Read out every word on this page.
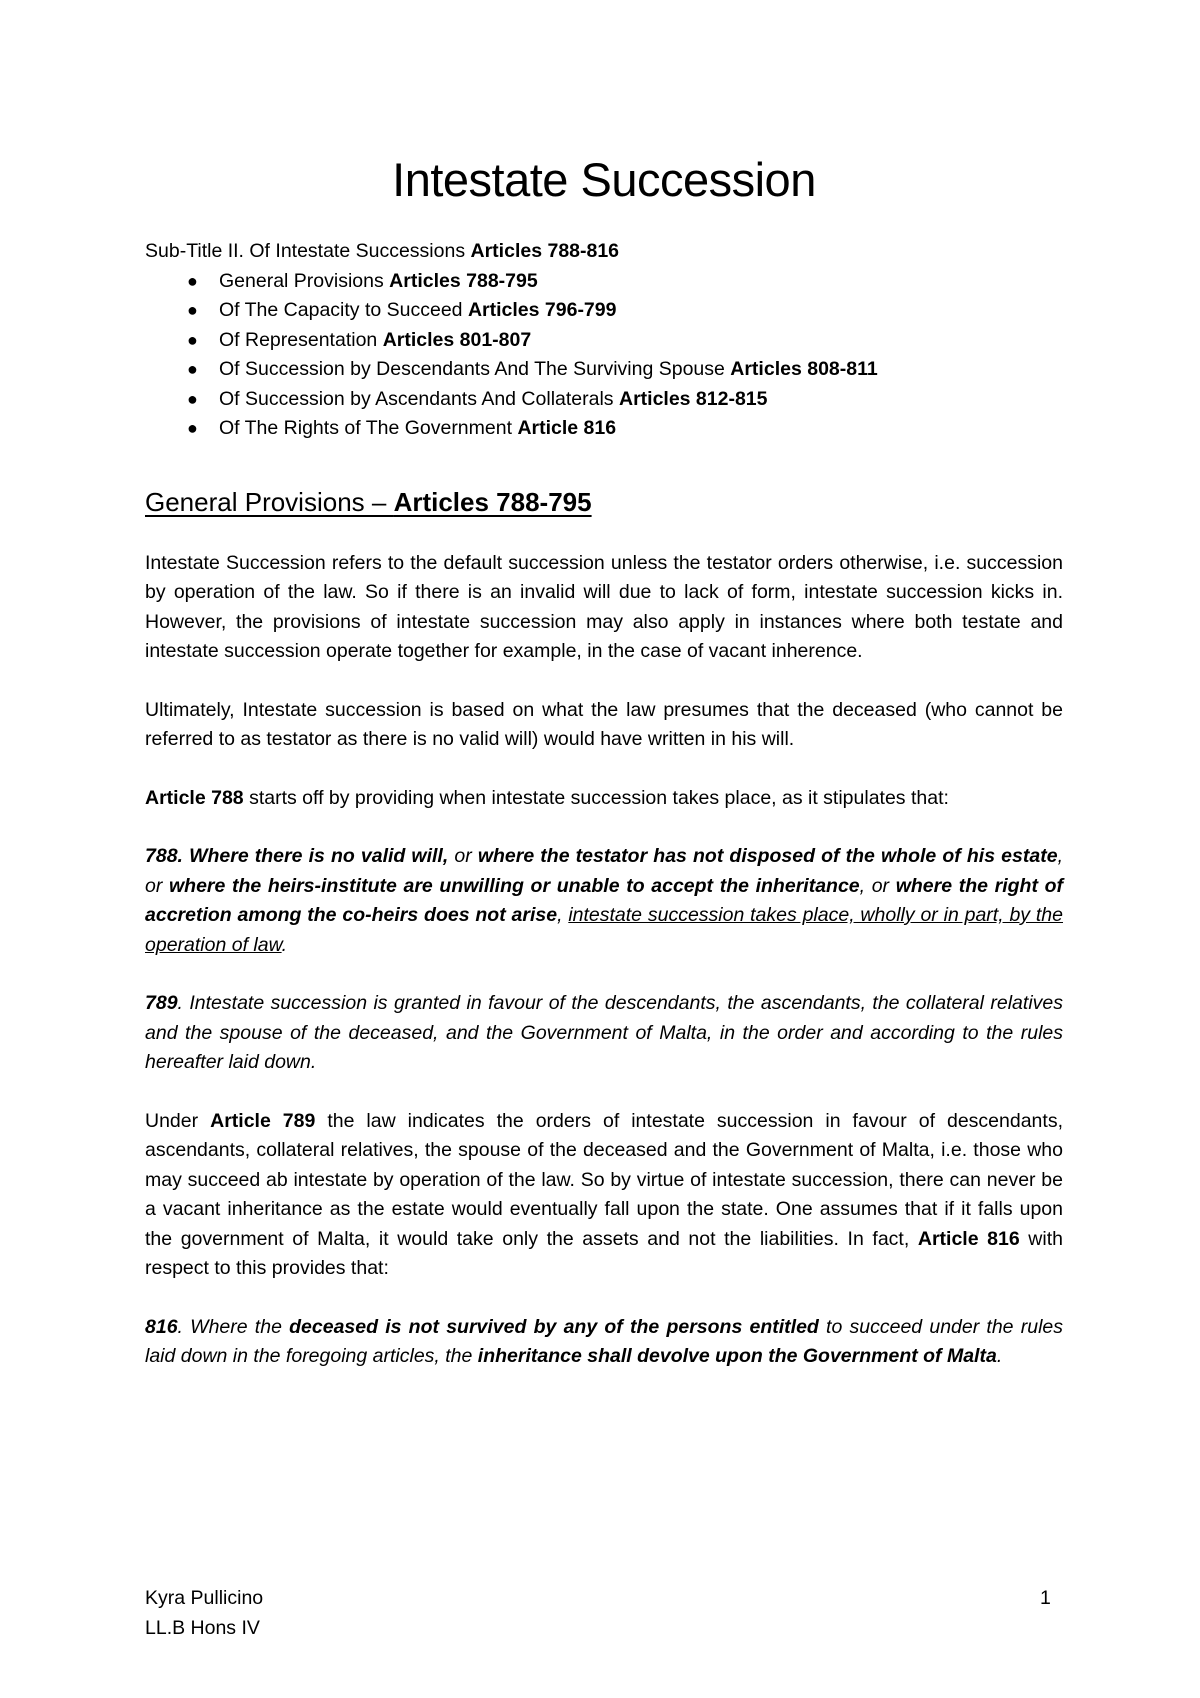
Intestate Succession
Sub-Title II. Of Intestate Successions Articles 788-816
● General Provisions Articles 788-795
● Of The Capacity to Succeed Articles 796-799
● Of Representation Articles 801-807
● Of Succession by Descendants And The Surviving Spouse Articles 808-811
● Of Succession by Ascendants And Collaterals Articles 812-815
● Of The Rights of The Government Article 816
General Provisions – Articles 788-795

Intestate Succession refers to the default succession unless the testator orders otherwise, i.e. succession by operation of the law. So if there is an invalid will due to lack of form, intestate succession kicks in. However, the provisions of intestate succession may also apply in instances where both testate and intestate succession operate together for example, in the case of vacant inherence.

Ultimately, Intestate succession is based on what the law presumes that the deceased (who cannot be referred to as testator as there is no valid will) would have written in his will.

Article 788 starts off by providing when intestate succession takes place, as it stipulates that:

788. Where there is no valid will, or where the testator has not disposed of the whole of his estate, or where the heirs-institute are unwilling or unable to accept the inheritance, or where the right of accretion among the co-heirs does not arise, intestate succession takes place, wholly or in part, by the operation of law.

789. Intestate succession is granted in favour of the descendants, the ascendants, the collateral relatives and the spouse of the deceased, and the Government of Malta, in the order and according to the rules hereafter laid down.

Under Article 789 the law indicates the orders of intestate succession in favour of descendants, ascendants, collateral relatives, the spouse of the deceased and the Government of Malta, i.e. those who may succeed ab intestate by operation of the law. So by virtue of intestate succession, there can never be a vacant inheritance as the estate would eventually fall upon the state. One assumes that if it falls upon the government of Malta, it would take only the assets and not the liabilities. In fact, Article 816 with respect to this provides that:

816. Where the deceased is not survived by any of the persons entitled to succeed under the rules laid down in the foregoing articles, the inheritance shall devolve upon the Government of Malta.

Kyra Pullicino
LL.B Hons IV
1
